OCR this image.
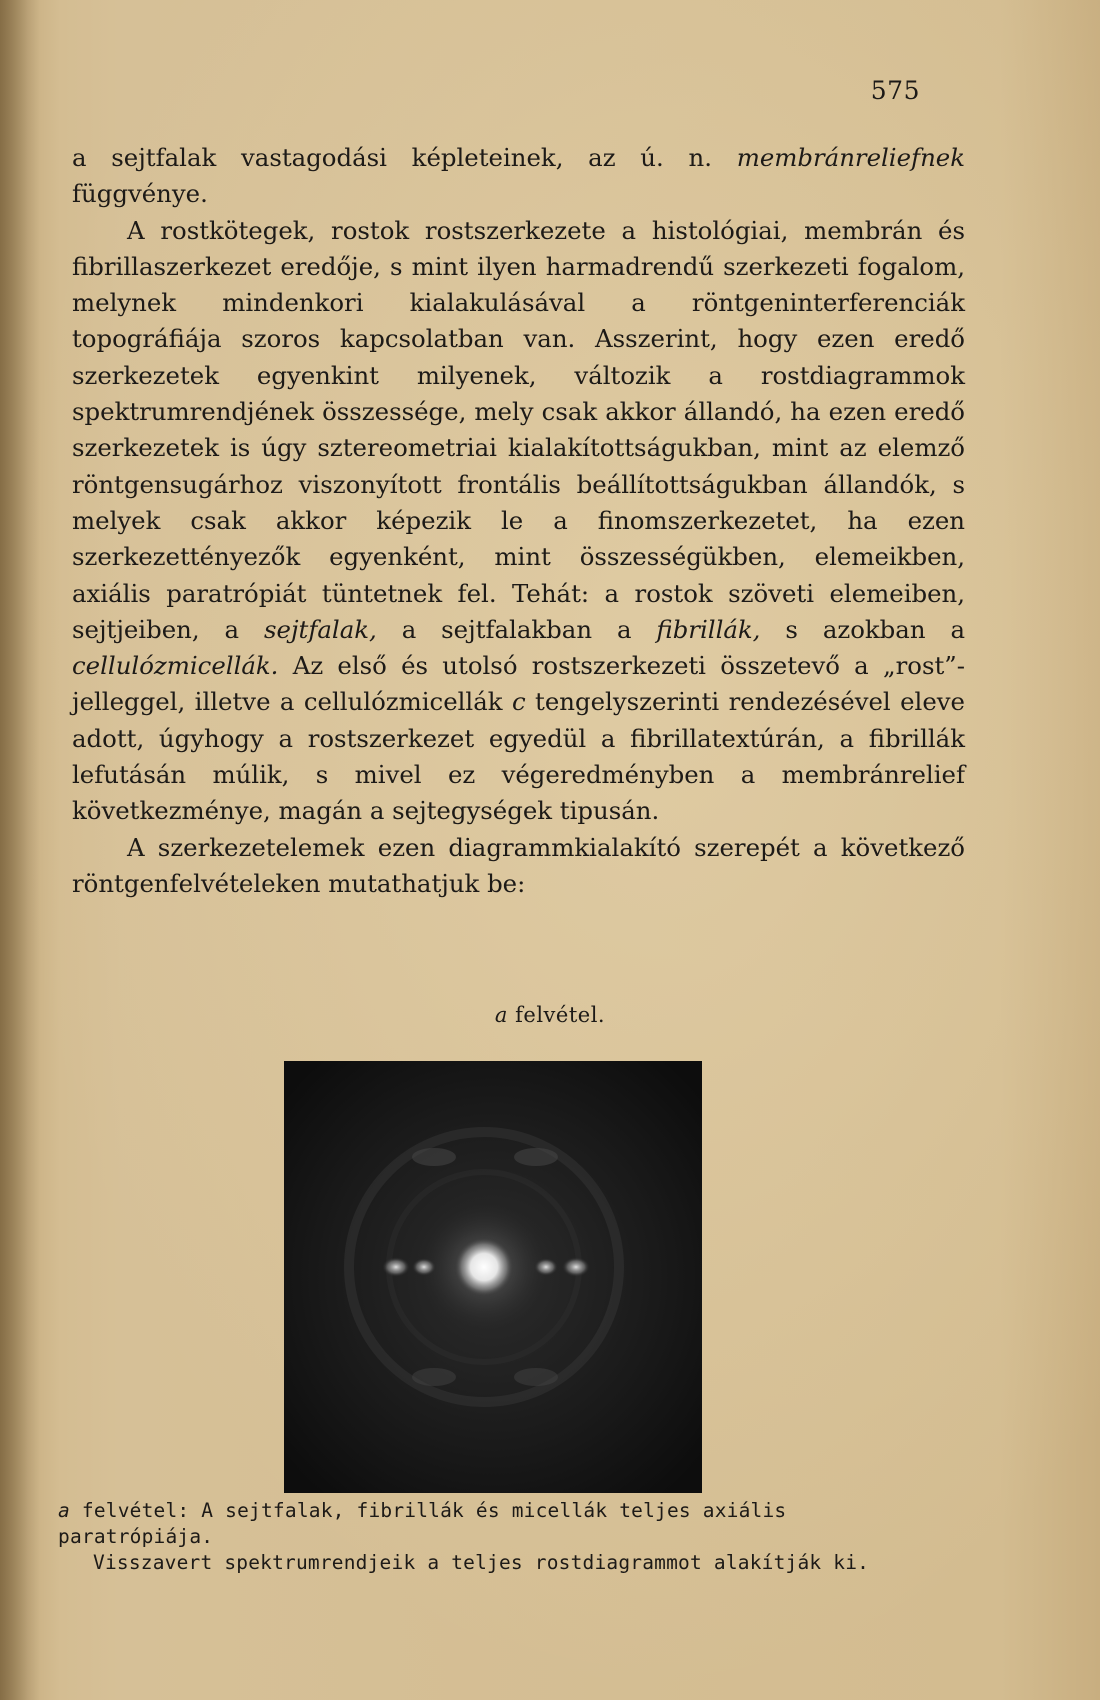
575

a sejtfalak vastagodási képleteinek, az ú. n. membránreliefnek függvénye.

A rostkötegek, rostok rostszerkezete a histológiai, membrán és fibrillaszerkezet eredője, s mint ilyen harmadrendű szerkezeti fogalom, melynek mindenkori kialakulásával a röntgeninterferenciák topográfiája szoros kapcsolatban van. Asszerint, hogy ezen eredő szerkezetek egyenkint milyenek, változik a rostdiagrammok spektrumrendjének összessége, mely csak akkor állandó, ha ezen eredő szerkezetek is úgy sztereometriai kialakítottságukban, mint az elemző röntgensugárhoz viszonyított frontális beállítottságukban állandók, s melyek csak akkor képezik le a finomszerkezetet, ha ezen szerkezettényezők egyenként, mint összességükben, elemeikben, axiális paratrópiát tüntetnek fel. Tehát: a rostok szöveti elemeiben, sejtjeiben, a sejtfalak, a sejtfalakban a fibrillák, s azokban a cellulózmicellák. Az első és utolsó rostszerkezeti összetevő a „rost”-jelleggel, illetve a cellulózmicellák c tengelyszerinti rendezésével eleve adott, úgyhogy a rostszerkezet egyedül a fibrillatextúrán, a fibrillák lefutásán múlik, s mivel ez végeredményben a membránrelief következménye, magán a sejtegységek tipusán.

A szerkezetelemek ezen diagrammkialakító szerepét a következő röntgenfelvételeken mutathatjuk be:

a felvétel.
a felvétel: A sejtfalak, fibrillák és micellák teljes axiális paratrópiája.
Visszavert spektrumrendjeik a teljes rostdiagrammot alakítják ki.
